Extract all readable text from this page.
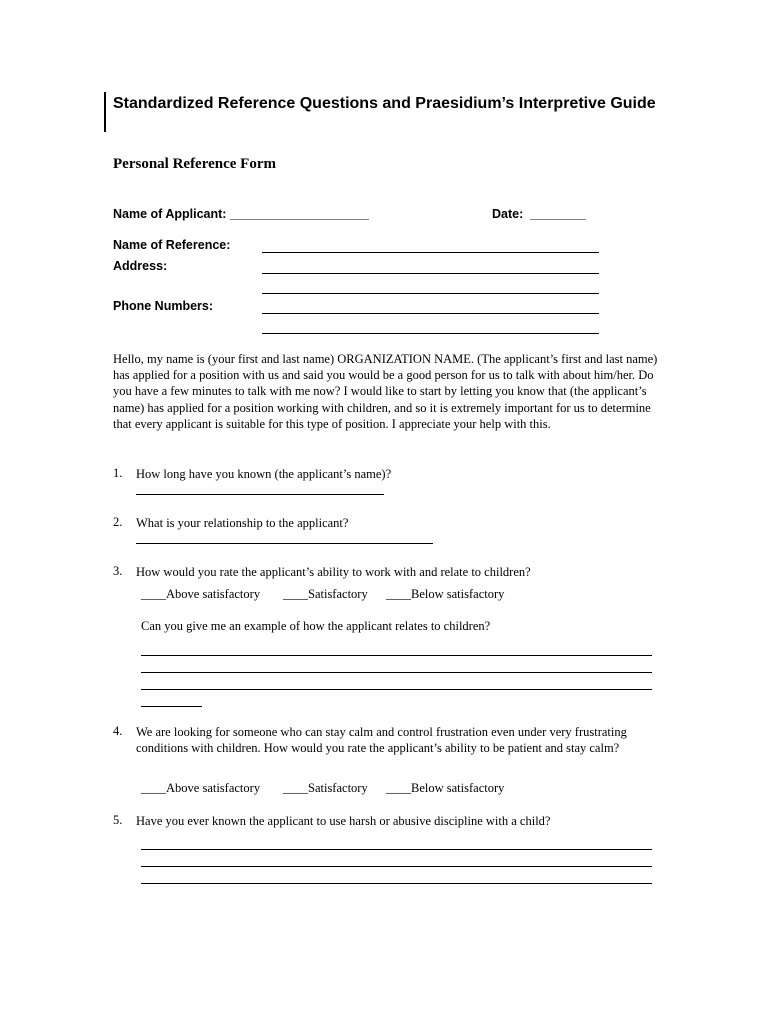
Standardized Reference Questions and Praesidium’s Interpretive Guide
Personal Reference Form
Name of Applicant: ____________________	Date:  ________
Name of Reference:
Address:
Phone Numbers:
Hello, my name is (your first and last name) ORGANIZATION NAME. (The applicant’s first and last name) has applied for a position with us and said you would be a good person for us to talk with about him/her. Do you have a few minutes to talk with me now? I would like to start by letting you know that (the applicant’s name) has applied for a position working with children, and so it is extremely important for us to determine that every applicant is suitable for this type of position. I appreciate your help with this.
1. How long have you known (the applicant’s name)?
2. What is your relationship to the applicant?
3. How would you rate the applicant’s ability to work with and relate to children?
____Above satisfactory ____Satisfactory ____Below satisfactory
Can you give me an example of how the applicant relates to children?
4. We are looking for someone who can stay calm and control frustration even under very frustrating conditions with children. How would you rate the applicant’s ability to be patient and stay calm?
____Above satisfactory ____Satisfactory ____Below satisfactory
5. Have you ever known the applicant to use harsh or abusive discipline with a child?
